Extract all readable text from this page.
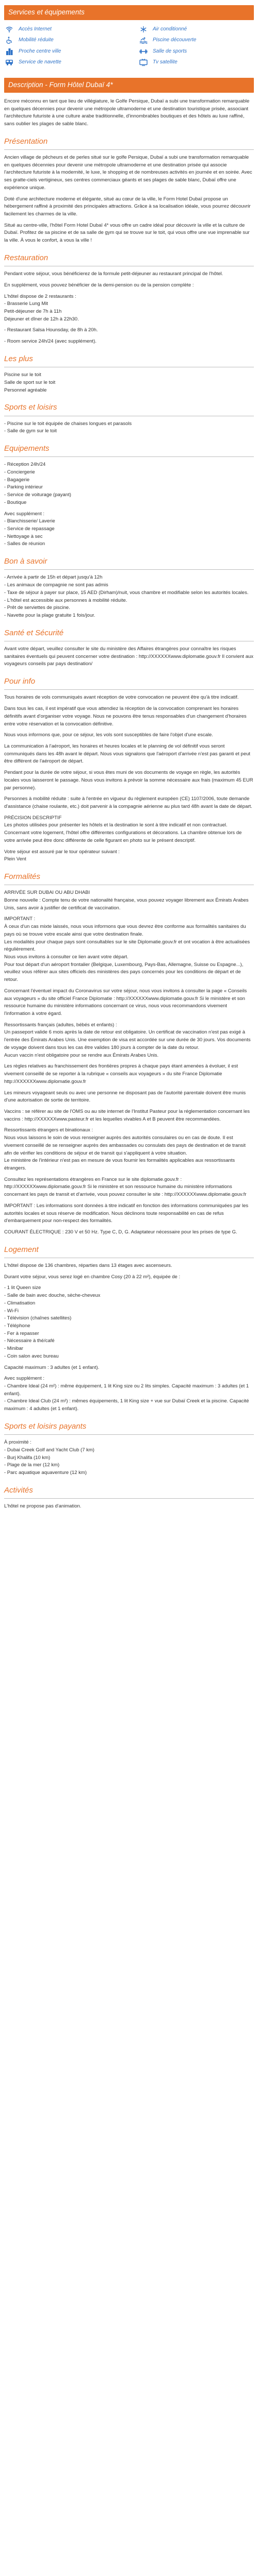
Services et équipements
Accès Internet	Air conditionné
Mobilité réduite	Piscine découverte
Proche centre ville	Salle de sports
Service de navette	Tv satellite
Description - Form Hôtel Dubaï 4*

Encore méconnu en tant que lieu de villégiature, le Golfe Persique, Dubaï a subi une transformation remarquable en quelques décennies pour devenir une métropole ultramoderne et une destination touristique prisée, associant l'architecture futuriste à une culture arabe traditionnelle, d'innombrables boutiques et des hôtels au luxe raffiné, sans oublier les plages de sable blanc.

Présentation

Ancien village de pêcheurs et de perles situé sur le golfe Persique, Dubaï a subi une transformation remarquable en quelques décennies pour devenir une métropole ultramoderne et une destination prisée qui associe l'architecture futuriste à la modernité, le luxe, le shopping et de nombreuses activités en journée et en soirée. Avec ses gratte-ciels vertigineux, ses centres commerciaux géants et ses plages de sable blanc, Dubaï offre une expérience unique.

Doté d'une architecture moderne et élégante, situé au cœur de la ville, le Form Hotel Dubaï propose un hébergement raffiné à proximité des principales attractions. Grâce à sa localisation idéale, vous pourrez découvrir facilement les charmes de la ville.

Situé au centre-ville, l'hôtel Form Hotel Dubaï 4* vous offre un cadre idéal pour découvrir la ville et la culture de Dubaï. Profitez de sa piscine et de sa salle de gym qui se trouve sur le toit, qui vous offre une vue imprenable sur la ville. À vous le confort, à vous la ville !

Restauration

Pendant votre séjour, vous bénéficierez de la formule petit-déjeuner au restaurant principal de l'hôtel.

En supplément, vous pouvez bénéficier de la demi-pension ou de la pension complète :

L'hôtel dispose de 2 restaurants :
- Brasserie Lung Mit
Petit-déjeuner de 7h à 11h
Déjeuner et dîner de 12h à 22h30.

- Restaurant Salsa Hounsday, de 8h à 20h.

- Room service 24h/24 (avec supplément).

Les plus

Piscine sur le toit
Salle de sport sur le toit
Personnel agréable

Sports et loisirs

- Piscine sur le toit équipée de chaises longues et parasols
- Salle de gym sur le toit

Equipements

- Réception 24h/24
- Conciergerie
- Bagagerie
- Parking intérieur
- Service de voiturage (payant)
- Boutique

Avec supplément :
- Blanchisserie/ Laverie
- Service de repassage
- Nettoyage à sec
- Salles de réunion

Bon à savoir

- Arrivée à partir de 15h et départ jusqu'à 12h
- Les animaux de compagnie ne sont pas admis
- Taxe de séjour à payer sur place, 15 AED (Dirham)/nuit, vous chambre et modifiable selon les autorités locales.
- L'hôtel est accessible aux personnes à mobilité réduite.
- Prêt de serviettes de piscine.
- Navette pour la plage gratuite 1 fois/jour.

Santé et Sécurité

Avant votre départ, veuillez consulter le site du ministère des Affaires étrangères pour connaître les risques sanitaires éventuels qui peuvent concerner votre destination : http://XXXXXXwww.diplomatie.gouv.fr Il convient aux voyageurs conseils par pays destination/

Pour info

Tous horaires de vols communiqués avant réception de votre convocation ne peuvent être qu'à titre indicatif.

Dans tous les cas, il est impératif que vous attendiez la réception de la convocation comprenant les horaires définitifs avant d'organiser votre voyage. Nous ne pouvons être tenus responsables d'un changement d'horaires entre votre réservation et la convocation définitive.

Nous vous informons que, pour ce séjour, les vols sont susceptibles de faire l'objet d'une escale.

La communication à l'aéroport, les horaires et heures locales et le planning de vol définitif vous seront communiqués dans les 48h avant le départ. Nous vous signalons que l'aéroport d'arrivée n'est pas garanti et peut être différent de l'aéroport de départ.

Pendant pour la durée de votre séjour, si vous êtes muni de vos documents de voyage en règle, les autorités locales vous laisseront le passage. Nous vous invitons à prévoir la somme nécessaire aux frais (maximum 45 EUR par personne).

Personnes à mobilité réduite : suite à l'entrée en vigueur du règlement européen (CE) 1107/2006, toute demande d'assistance (chaise roulante, etc.) doit parvenir à la compagnie aérienne au plus tard 48h avant la date de départ.

PRÉCISION DESCRIPTIF
Les photos utilisées pour présenter les hôtels et la destination le sont à titre indicatif et non contractuel. Concernant votre logement, l'hôtel offre différentes configurations et décorations. La chambre obtenue lors de votre arrivée peut être donc différente de celle figurant en photo sur le présent descriptif.

Votre séjour est assuré par le tour opérateur suivant :
Plein Vent

Formalités

ARRIVÉE SUR DUBAI OU ABU DHABI
Bonne nouvelle : Compte tenu de votre nationalité française, vous pouvez voyager librement aux Émirats Arabes Unis, sans avoir à justifier de certificat de vaccination.

IMPORTANT :
À ceux d'un cas mixte laissés, nous vous informons que vous devrez être conforme aux formalités sanitaires du pays où se trouve votre escale ainsi que votre destination finale.
Les modalités pour chaque pays sont consultables sur le site Diplomatie.gouv.fr et ont vocation à être actualisées régulièrement.
Nous vous invitons à consulter ce lien avant votre départ.
Pour tout départ d'un aéroport frontalier (Belgique, Luxembourg, Pays-Bas, Allemagne, Suisse ou Espagne...), veuillez vous référer aux sites officiels des ministères des pays concernés pour les conditions de départ et de retour.

Concernant l'éventuel impact du Coronavirus sur votre séjour, nous vous invitons à consulter la page « Conseils aux voyageurs » du site officiel France Diplomatie : http://XXXXXXwww.diplomatie.gouv.fr Si le ministère et son ressource humaine du ministère informations concernant ce virus, nous vous recommandons vivement l'information à votre égard.

Ressortissants français (adultes, bébés et enfants) :
Un passeport valide 6 mois après la date de retour est obligatoire. Un certificat de vaccination n'est pas exigé à l'entrée des Émirats Arabes Unis. Une exemption de visa est accordée sur une durée de 30 jours. Vos documents de voyage doivent dans tous les cas être valides 180 jours à compter de la date du retour.
Aucun vaccin n'est obligatoire pour se rendre aux Émirats Arabes Unis.

Les règles relatives au franchissement des frontières propres à chaque pays étant amenées à évoluer, il est vivement conseillé de se reporter à la rubrique « conseils aux voyageurs » du site France Diplomatie http://XXXXXXwww.diplomatie.gouv.fr

Les mineurs voyageant seuls ou avec une personne ne disposant pas de l'autorité parentale doivent être munis d'une autorisation de sortie de territoire.

Vaccins : se référer au site de l'OMS ou au site internet de l'Institut Pasteur pour la réglementation concernant les vaccins : http://XXXXXXwww.pasteur.fr et les lequelles vivables A et B peuvent être recommandées.

Ressortissants étrangers et binationaux :
Nous vous laissons le soin de vous renseigner auprès des autorités consulaires ou en cas de doute. Il est vivement conseillé de se renseigner auprès des ambassades ou consulats des pays de destination et de transit afin de vérifier les conditions de séjour et de transit qui s'appliquent à votre situation.
Le ministère de l'intérieur n'est pas en mesure de vous fournir les formalités applicables aux ressortissants étrangers.

Consultez les représentations étrangères en France sur le site diplomatie.gouv.fr : http://XXXXXXwww.diplomatie.gouv.fr Si le ministère et son ressource humaine du ministère informations concernant les pays de transit et d'arrivée, vous pouvez consulter le site : http://XXXXXXwww.diplomatie.gouv.fr

IMPORTANT : Les informations sont données à titre indicatif en fonction des informations communiquées par les autorités locales et sous réserve de modification. Nous déclinons toute responsabilité en cas de refus d'embarquement pour non-respect des formalités.

COURANT ÉLECTRIQUE : 230 V et 50 Hz. Type C, D, G. Adaptateur nécessaire pour les prises de type G.

Logement

L'hôtel dispose de 136 chambres, réparties dans 13 étages avec ascenseurs.

Durant votre séjour, vous serez logé en chambre Cosy (20 à 22 m²), équipée de :

- 1 lit Queen size
- Salle de bain avec douche, sèche-cheveux
- Climatisation
- Wi-Fi
- Télévision (chaînes satellites)
- Téléphone
- Fer à repasser
- Nécessaire à thé/café
- Minibar
- Coin salon avec bureau

Capacité maximum : 3 adultes (et 1 enfant).

Avec supplément :
- Chambre Ideal (24 m²) : même équipement, 1 lit King size ou 2 lits simples. Capacité maximum : 3 adultes (et 1 enfant).
- Chambre Ideal Club (24 m²) : mêmes équipements, 1 lit King size + vue sur Dubaï Creek et la piscine. Capacité maximum : 4 adultes (et 1 enfant).

Sports et loisirs payants

À proximité :
- Dubai Creek Golf and Yacht Club (7 km)
- Burj Khalifa (10 km)
- Plage de la mer (12 km)
- Parc aquatique aquaventure (12 km)

Activités

L'hôtel ne propose pas d'animation.
